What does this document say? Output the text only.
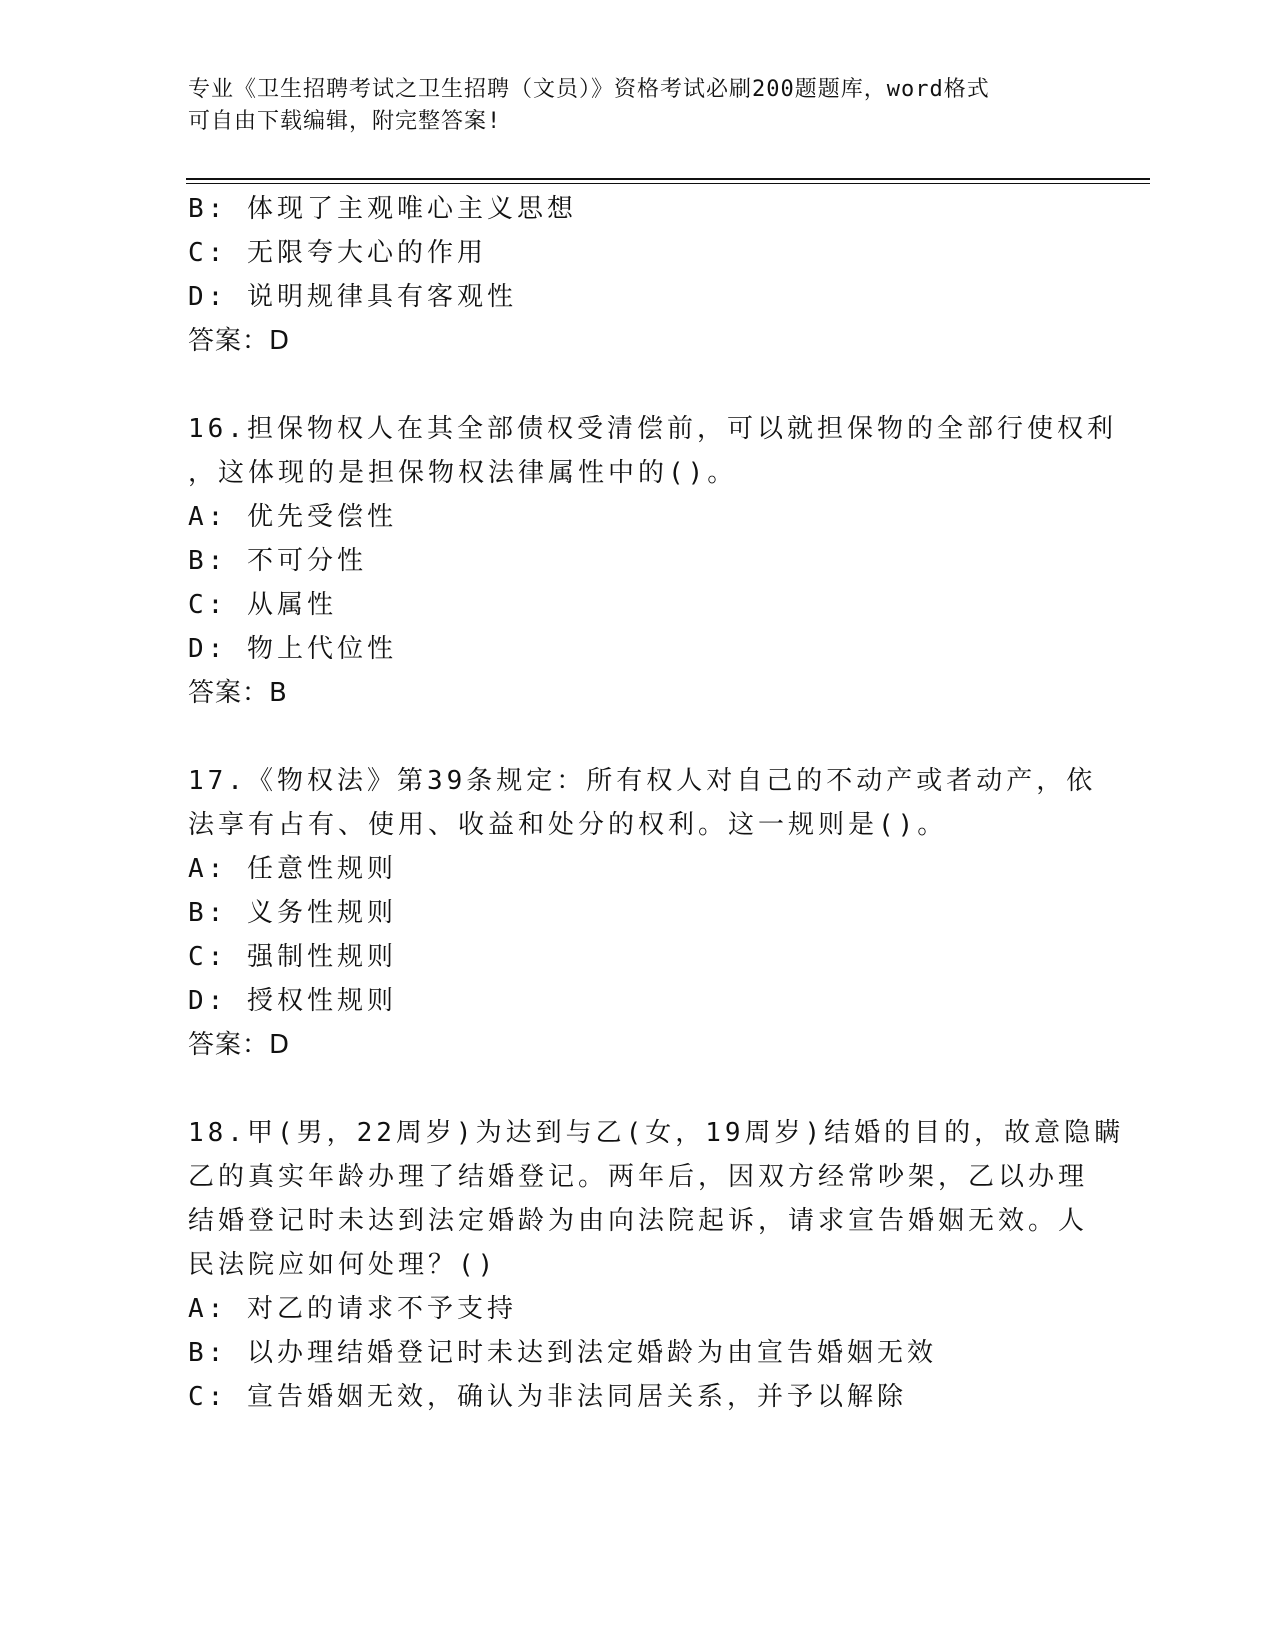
专业《卫生招聘考试之卫生招聘（文员）》资格考试必刷200题题库，word格式
可自由下载编辑，附完整答案!
B: 体现了主观唯心主义思想
C: 无限夸大心的作用
D: 说明规律具有客观性
答案：D
16.担保物权人在其全部债权受清偿前，可以就担保物的全部行使权利
，这体现的是担保物权法律属性中的()。
A: 优先受偿性
B: 不可分性
C: 从属性
D: 物上代位性
答案：B
17.《物权法》第39条规定：所有权人对自己的不动产或者动产，依
法享有占有、使用、收益和处分的权利。这一规则是()。
A: 任意性规则
B: 义务性规则
C: 强制性规则
D: 授权性规则
答案：D
18.甲(男，22周岁)为达到与乙(女，19周岁)结婚的目的，故意隐瞒
乙的真实年龄办理了结婚登记。两年后，因双方经常吵架，乙以办理
结婚登记时未达到法定婚龄为由向法院起诉，请求宣告婚姻无效。人
民法院应如何处理？()
A: 对乙的请求不予支持
B: 以办理结婚登记时未达到法定婚龄为由宣告婚姻无效
C: 宣告婚姻无效，确认为非法同居关系，并予以解除
